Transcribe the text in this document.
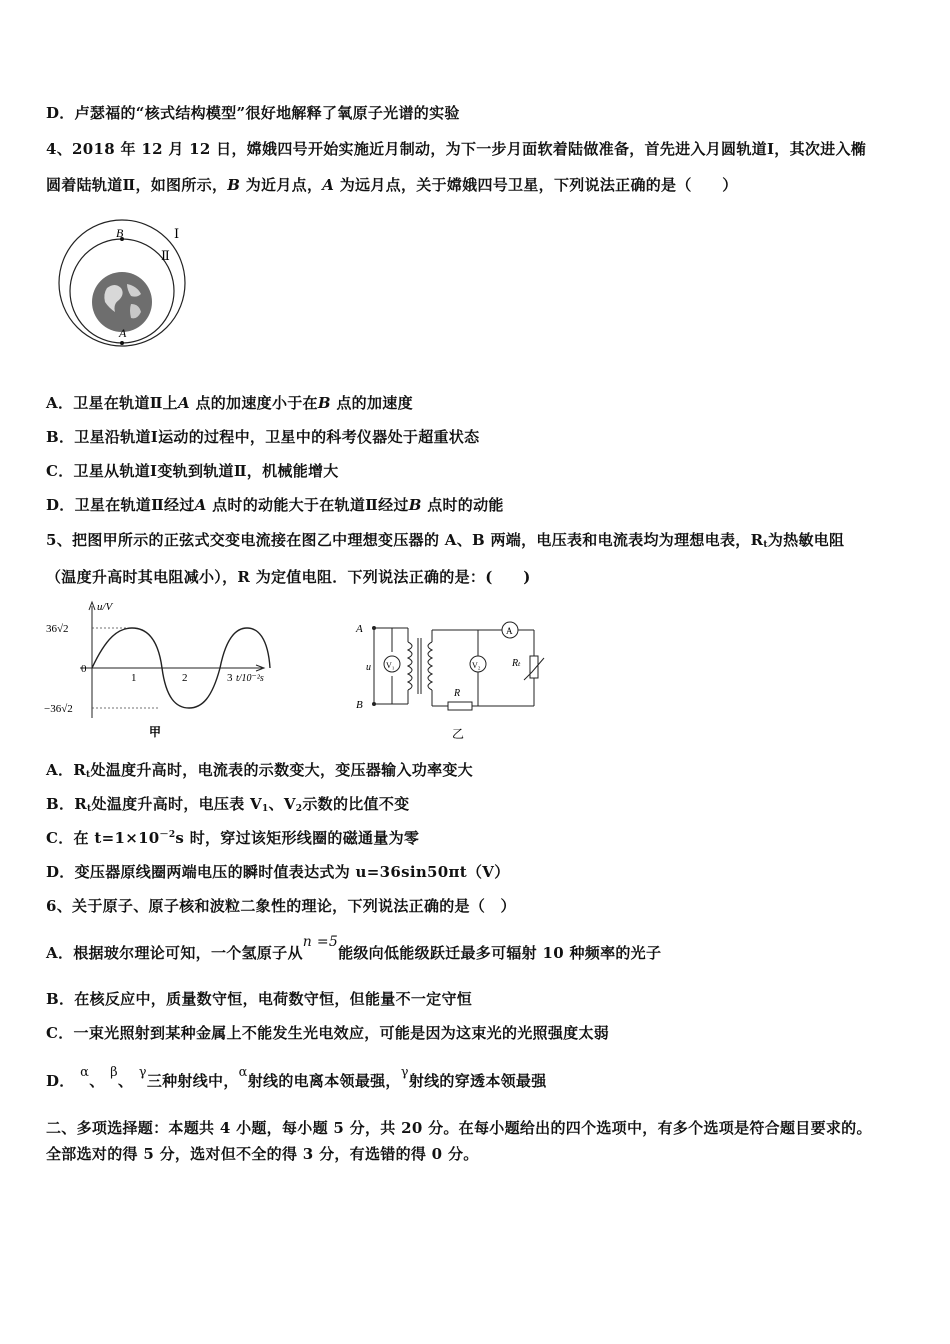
D．卢瑟福的“核式结构模型”很好地解释了氧原子光谱的实验
4、2018 年 12 月 12 日，嫦娥四号开始实施近月制动，为下一步月面软着陆做准备，首先进入月圆轨道Ⅰ，其次进入椭
圆着陆轨道Ⅱ，如图所示，B 为近月点，A 为远月点，关于嫦娥四号卫星，下列说法正确的是（　　）
B
A
Ⅰ
Ⅱ
A．卫星在轨道Ⅱ上A 点的加速度小于在B 点的加速度
B．卫星沿轨道Ⅰ运动的过程中，卫星中的科考仪器处于超重状态
C．卫星从轨道Ⅰ变轨到轨道Ⅱ，机械能增大
D．卫星在轨道Ⅱ经过A 点时的动能大于在轨道Ⅱ经过B 点时的动能
5、把图甲所示的正弦式交变电流接在图乙中理想变压器的 A、B 两端，电压表和电流表均为理想电表，$R_t$为热敏电阻
（温度升高时其电阻减小），R 为定值电阻．下列说法正确的是：(　　)
u/V
36√2
0
−36√2
1	2	3 t/10⁻²s
甲
A
B
u V₁
R
A
Rₜ
V₂
乙
A．$R_t$处温度升高时，电流表的示数变大，变压器输入功率变大
B．$R_t$处温度升高时，电压表 $V_1$、$V_2$示数的比值不变
C．在 $t=1\times 10^{-2}s$ 时，穿过该矩形线圈的磁通量为零
D．变压器原线圈两端电压的瞬时值表达式为 u=36sin50πt（V）
6、关于原子、原子核和波粒二象性的理论，下列说法正确的是（　）
A．根据玻尔理论可知，一个氢原子从n =5能级向低能级跃迁最多可辐射 10 种频率的光子
B．在核反应中，质量数守恒，电荷数守恒，但能量不一定守恒
C．一束光照射到某种金属上不能发生光电效应，可能是因为这束光的光照强度太弱
D． α、 β、 γ三种射线中，α射线的电离本领最强，γ射线的穿透本领最强
二、多项选择题：本题共 4 小题，每小题 5 分，共 20 分。在每小题给出的四个选项中，有多个选项是符合题目要求的。
全部选对的得 5 分，选对但不全的得 3 分，有选错的得 0 分。
